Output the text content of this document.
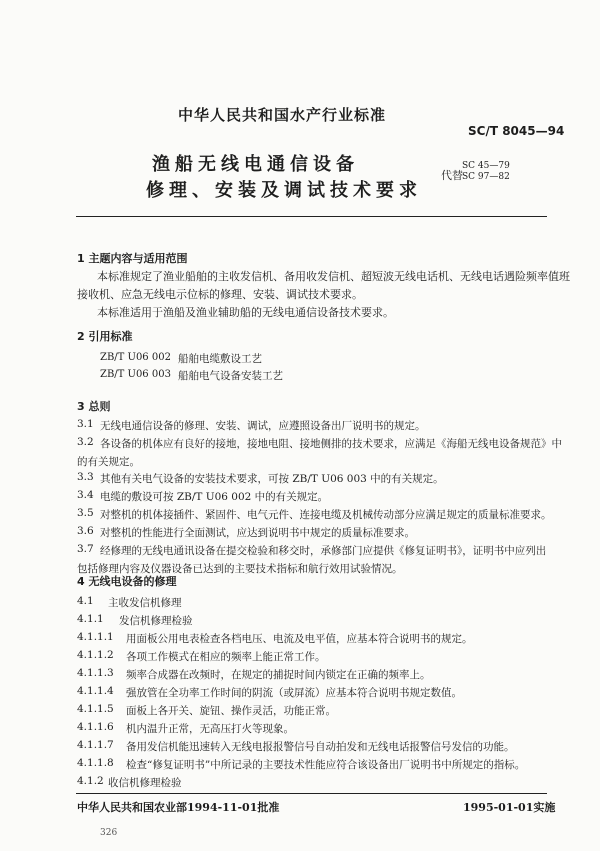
中华人民共和国水产行业标准
SC/T 8045—94
渔船无线电通信设备
修理、安装及调试技术要求
代替
SC 45—79
SC 97—82
1 主题内容与适用范围
本标准规定了渔业船舶的主收发信机、备用收发信机、超短波无线电话机、无线电话遇险频率值班
接收机、应急无线电示位标的修理、安装、调试技术要求。
本标准适用于渔船及渔业辅助船的无线电通信设备技术要求。
2 引用标准
ZB/T U06 002 船舶电缆敷设工艺
ZB/T U06 003 船舶电气设备安装工艺
3 总则
3.1 无线电通信设备的修理、安装、调试，应遵照设备出厂说明书的规定。
3.2 各设备的机体应有良好的接地，接地电阻、接地侧排的技术要求，应满足《海船无线电设备规范》中
的有关规定。
3.3 其他有关电气设备的安装技术要求，可按 ZB/T U06 003 中的有关规定。
3.4 电缆的敷设可按 ZB/T U06 002 中的有关规定。
3.5 对整机的机体接插件、紧固件、电气元件、连接电缆及机械传动部分应满足规定的质量标准要求。
3.6 对整机的性能进行全面测试，应达到说明书中规定的质量标准要求。
3.7 经修理的无线电通讯设备在提交检验和移交时，承修部门应提供《修复证明书》，证明书中应列出
包括修理内容及仪器设备已达到的主要技术指标和航行效用试验情况。
4 无线电设备的修理
4.1 主收发信机修理
4.1.1 发信机修理检验
4.1.1.1 用面板公用电表检查各档电压、电流及电平值，应基本符合说明书的规定。
4.1.1.2 各项工作模式在相应的频率上能正常工作。
4.1.1.3 频率合成器在改频时，在规定的捕捉时间内锁定在正确的频率上。
4.1.1.4 强放管在全功率工作时间的阴流（或屏流）应基本符合说明书规定数值。
4.1.1.5 面板上各开关、旋钮、操作灵活，功能正常。
4.1.1.6 机内温升正常，无高压打火等现象。
4.1.1.7 备用发信机能迅速转入无线电报报警信号自动拍发和无线电话报警信号发信的功能。
4.1.1.8 检查“修复证明书”中所记录的主要技术性能应符合该设备出厂说明书中所规定的指标。
中华人民共和国农业部1994-11-01批准	1995-01-01实施
4.1.2 收信机修理检验
326
